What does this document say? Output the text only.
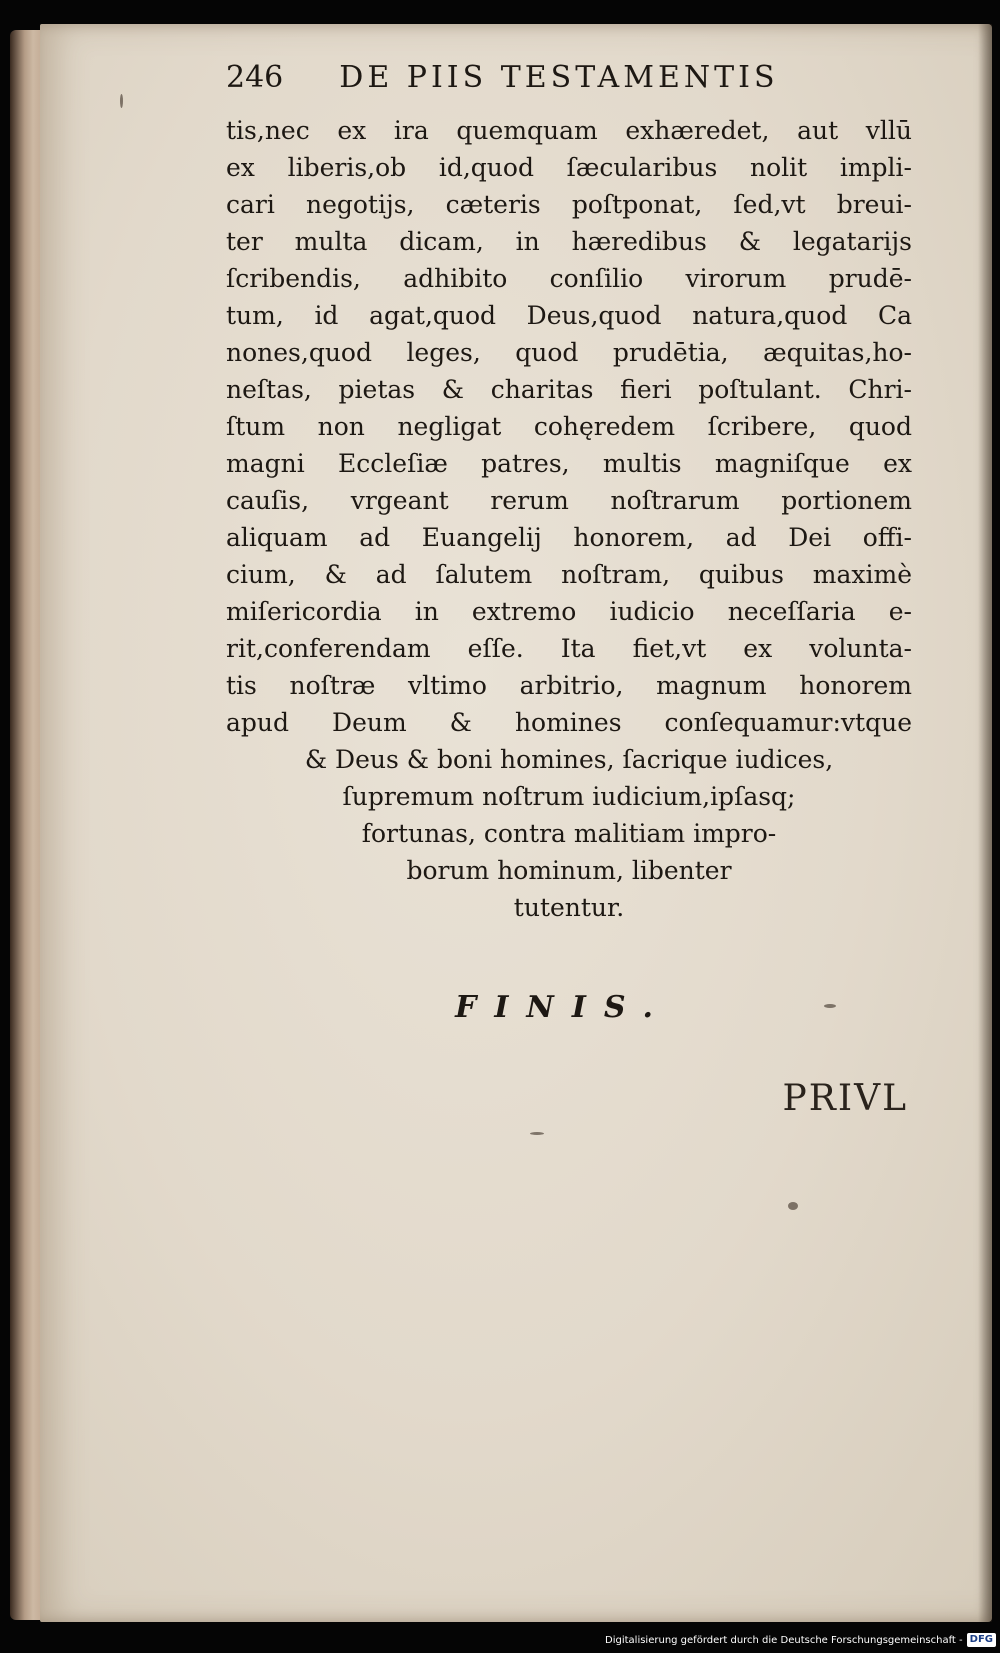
246 DE PIIS TESTAMENTIS
tis,nec ex ira quemquam exhæredet, aut vllū
ex liberis,ob id,quod ſæcularibus nolit impli-
cari negotijs, cæteris poſtponat, ſed,vt breui-
ter multa dicam, in hæredibus & legatarijs
ſcribendis, adhibito conſilio virorum prudē-
tum, id agat,quod Deus,quod natura,quod Ca
nones,quod leges, quod prudētia, æquitas,ho-
neſtas, pietas & charitas fieri poſtulant. Chri-
ſtum non negligat cohęredem ſcribere, quod
magni Eccleſiæ patres, multis magniſque ex
cauſis, vrgeant rerum noſtrarum portionem
aliquam ad Euangelij honorem, ad Dei offi-
cium, & ad ſalutem noſtram, quibus maximè
miſericordia in extremo iudicio neceſſaria e-
rit,conferendam eſſe. Ita fiet,vt ex volunta-
tis noſtræ vltimo arbitrio, magnum honorem
apud Deum & homines conſequamur:vtque
& Deus & boni homines, ſacrique iudices,
ſupremum noſtrum iudicium,ipſasq;
fortunas, contra malitiam impro-
borum hominum, libenter
tutentur.
FINIS.
PRIVL
Digitalisierung gefördert durch die Deutsche Forschungsgemeinschaft - DFG
